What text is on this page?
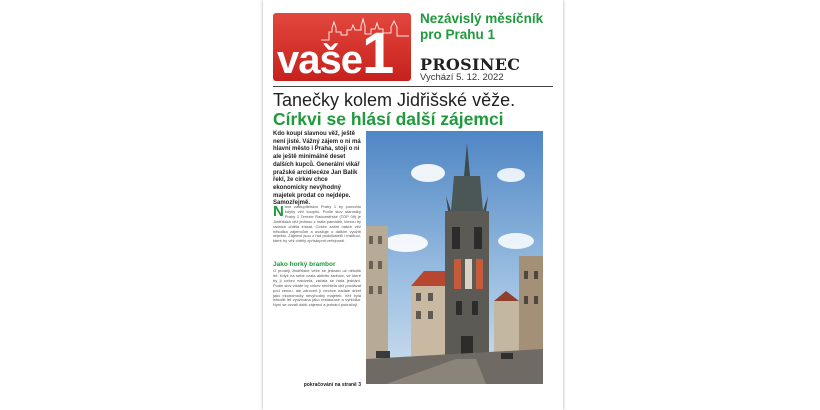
vaše1
Nezávislý měsíčník
pro Prahu 1
PROSINEC
Vychází 5. 12. 2022
Tanečky kolem Jidřišské věže.
Církvi se hlásí další zájemci
Kdo koupí slavnou věž, ještě není jisté. Vážný zájem o ni má hlavní město i Praha, stojí o ni ale ještě minimálně deset dalších kupců. Generální vikář pražské arcidiecéze Jan Balík řekl, že církev chce ekonomicky nevýhodný majetek prodat co nejdépe. Samozřejmě.
Nové zastupitelstvo Prahy 1 by pomohlo kdyby věž koupilo. Podle slov starostky Prahy 1 Terezie Radoměřské (TOP 09) je Jindřišská věž jedinou z mála památek, kterou by radnice chtěla získat. Církev zatím nabízí věž několika zájemcům a uvažuje o dalším využití objektu. Zájemci jsou z řad podnikatelů i institucí, které by věž chtěly zpřístupnit veřejnosti.
Jako horký brambor
O prodeji Jindřišské věže se jednalo už několik let. Když na sebe vzala aktivitu radnice, ve které by jí církev nabízela, začala se řada jednání. Podle slov vikáře by církev nechtěla věž prodávat pod cenou, ale zároveň ji nechce nadále držet jako ekonomicky nevýhodný majetek. Věž byla několik let využívána jako restaurace a vyhlídka. Nyní se ozvali další zájemci a jednání pokračují.
pokračování na straně 3
